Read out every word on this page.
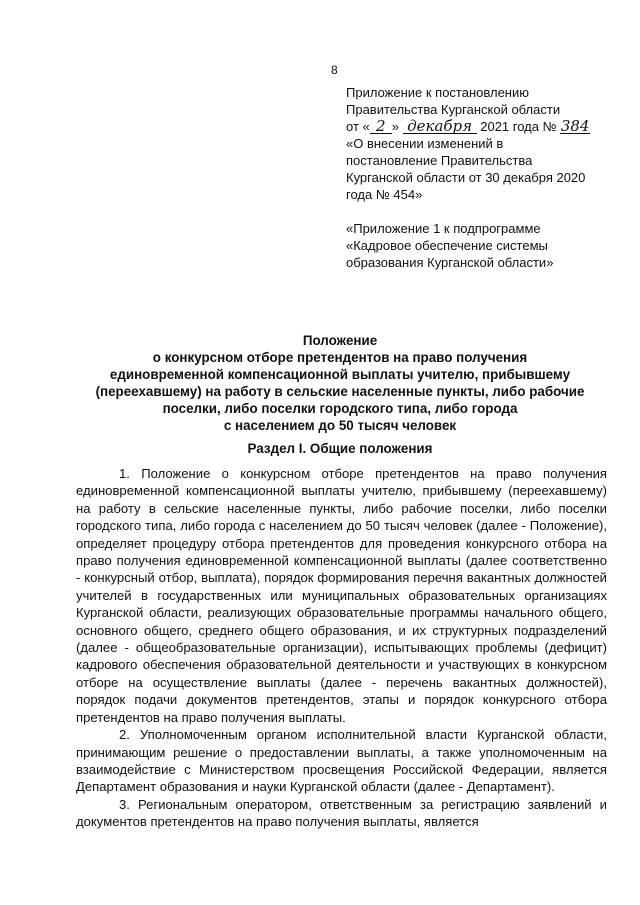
8
Приложение к постановлению
Правительства Курганской области
от « 2 » декабря 2021 года № 384
«О внесении изменений в
постановление Правительства
Курганской области от 30 декабря 2020
года № 454»
«Приложение 1 к подпрограмме
«Кадровое обеспечение системы
образования Курганской области»
Положение
о конкурсном отборе претендентов на право получения
единовременной компенсационной выплаты учителю, прибывшему
(переехавшему) на работу в сельские населенные пункты, либо рабочие
поселки, либо поселки городского типа, либо города
с населением до 50 тысяч человек
Раздел I. Общие положения

1. Положение о конкурсном отборе претендентов на право получения единовременной компенсационной выплаты учителю, прибывшему (переехавшему) на работу в сельские населенные пункты, либо рабочие поселки, либо поселки городского типа, либо города с населением до 50 тысяч человек (далее - Положение), определяет процедуру отбора претендентов для проведения конкурсного отбора на право получения единовременной компенсационной выплаты (далее соответственно - конкурсный отбор, выплата), порядок формирования перечня вакантных должностей учителей в государственных или муниципальных образовательных организациях Курганской области, реализующих образовательные программы начального общего, основного общего, среднего общего образования, и их структурных подразделений (далее - общеобразовательные организации), испытывающих проблемы (дефицит) кадрового обеспечения образовательной деятельности и участвующих в конкурсном отборе на осуществление выплаты (далее - перечень вакантных должностей), порядок подачи документов претендентов, этапы и порядок конкурсного отбора претендентов на право получения выплаты.

2. Уполномоченным органом исполнительной власти Курганской области, принимающим решение о предоставлении выплаты, а также уполномоченным на взаимодействие с Министерством просвещения Российской Федерации, является Департамент образования и науки Курганской области (далее - Департамент).

3. Региональным оператором, ответственным за регистрацию заявлений и документов претендентов на право получения выплаты, является
